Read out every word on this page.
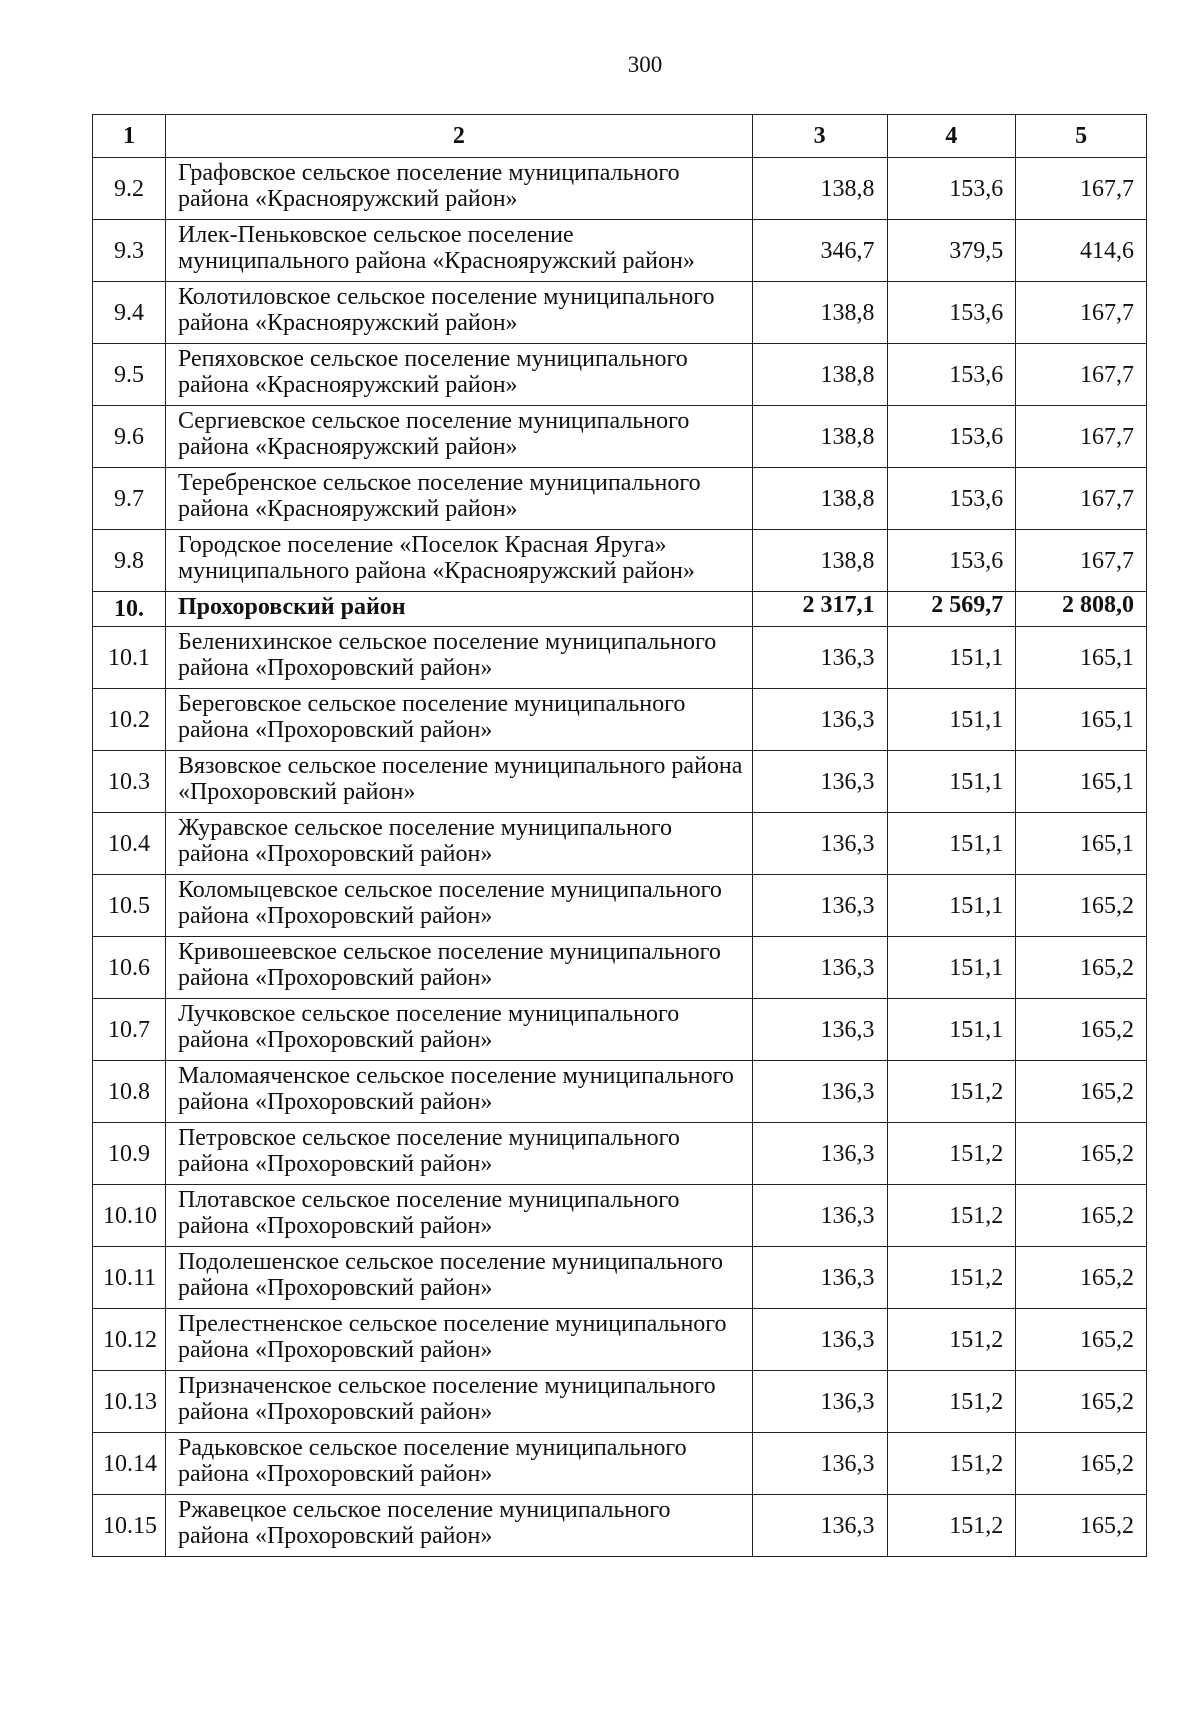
300
1	2	3	4	5
9.2	Графовское сельское поселение муниципального района «Краснояружский район»	138,8	153,6	167,7
9.3	Илек-Пеньковское сельское поселение муниципального района «Краснояружский район»	346,7	379,5	414,6
9.4	Колотиловское сельское поселение муниципального района «Краснояружский район»	138,8	153,6	167,7
9.5	Репяховское сельское поселение муниципального района «Краснояружский район»	138,8	153,6	167,7
9.6	Сергиевское сельское поселение муниципального района «Краснояружский район»	138,8	153,6	167,7
9.7	Теребренское сельское поселение муниципального района «Краснояружский район»	138,8	153,6	167,7
9.8	Городское поселение «Поселок Красная Яруга» муниципального района «Краснояружский район»	138,8	153,6	167,7
10.	Прохоровский район	2 317,1	2 569,7	2 808,0
10.1	Беленихинское сельское поселение муниципального района «Прохоровский район»	136,3	151,1	165,1
10.2	Береговское сельское поселение муниципального района «Прохоровский район»	136,3	151,1	165,1
10.3	Вязовское сельское поселение муниципального района «Прохоровский район»	136,3	151,1	165,1
10.4	Журавское сельское поселение муниципального района «Прохоровский район»	136,3	151,1	165,1
10.5	Коломыцевское сельское поселение муниципального района «Прохоровский район»	136,3	151,1	165,2
10.6	Кривошеевское сельское поселение муниципального района «Прохоровский район»	136,3	151,1	165,2
10.7	Лучковское сельское поселение муниципального района «Прохоровский район»	136,3	151,1	165,2
10.8	Маломаяченское сельское поселение муниципального района «Прохоровский район»	136,3	151,2	165,2
10.9	Петровское сельское поселение муниципального района «Прохоровский район»	136,3	151,2	165,2
10.10	Плотавское сельское поселение муниципального района «Прохоровский район»	136,3	151,2	165,2
10.11	Подолешенское сельское поселение муниципального района «Прохоровский район»	136,3	151,2	165,2
10.12	Прелестненское сельское поселение муниципального района «Прохоровский район»	136,3	151,2	165,2
10.13	Призначенское сельское поселение муниципального района «Прохоровский район»	136,3	151,2	165,2
10.14	Радьковское сельское поселение муниципального района «Прохоровский район»	136,3	151,2	165,2
10.15	Ржавецкое сельское поселение муниципального района «Прохоровский район»	136,3	151,2	165,2
